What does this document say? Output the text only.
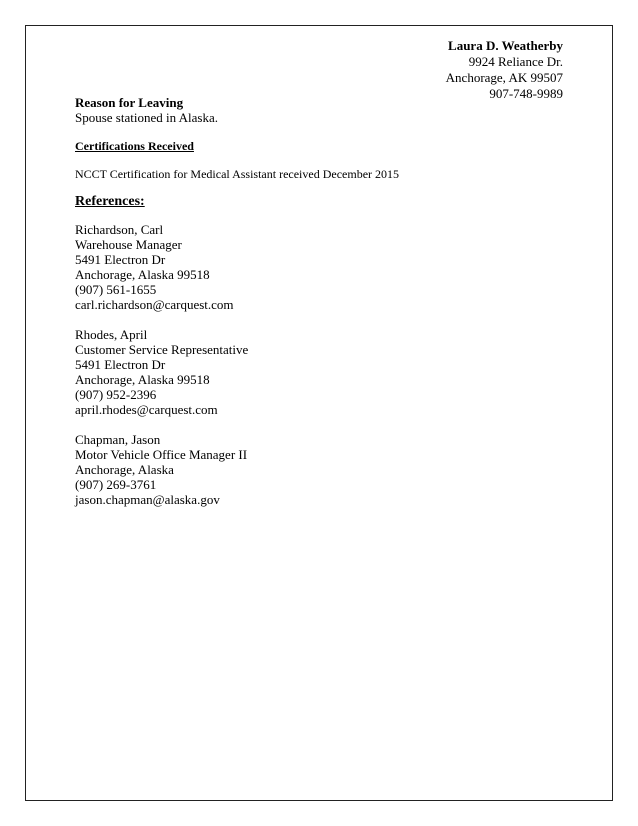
Laura D. Weatherby
9924 Reliance Dr.
Anchorage, AK 99507
907-748-9989
Reason for Leaving
Spouse stationed in Alaska.
Certifications Received
NCCT Certification for Medical Assistant received December 2015
References:
Richardson, Carl
Warehouse Manager
5491 Electron Dr
Anchorage, Alaska 99518
(907) 561-1655
carl.richardson@carquest.com
Rhodes, April
Customer Service Representative
5491 Electron Dr
Anchorage, Alaska 99518
(907) 952-2396
april.rhodes@carquest.com
Chapman, Jason
Motor Vehicle Office Manager II
Anchorage, Alaska
(907) 269-3761
jason.chapman@alaska.gov
